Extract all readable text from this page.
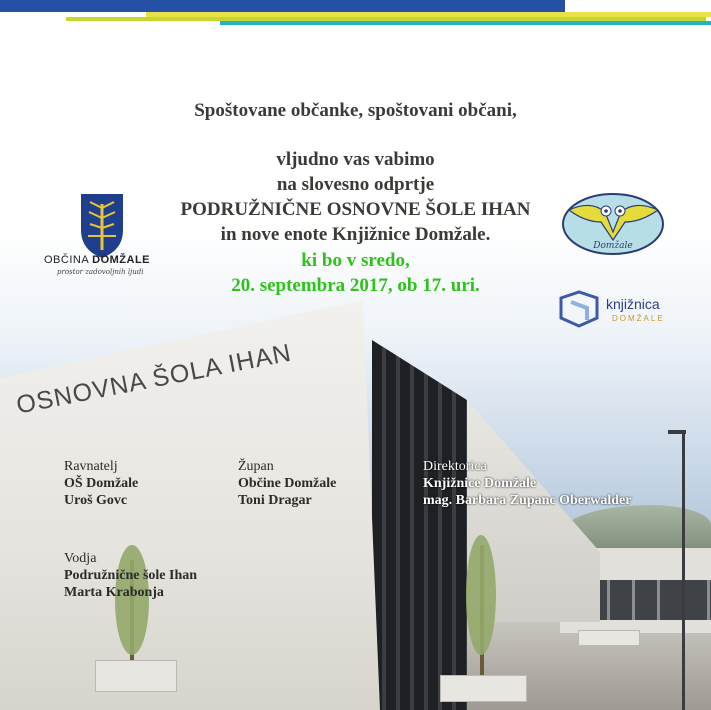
OSNOVNA ŠOLA IHAN
Spoštovane občanke, spoštovani občani,
vljudno vas vabimo
na slovesno odprtje
PODRUŽNIČNE OSNOVNE ŠOLE IHAN
in nove enote Knjižnice Domžale.
ki bo v sredo,
20. septembra 2017, ob 17. uri.
Ravnatelj
OŠ Domžale
Uroš Govc
Župan
Občine Domžale
Toni Dragar
Direktorica
Knjižnice Domžale
mag. Barbara Zupanc Oberwalder
Vodja
Podružnične šole Ihan
Marta Krabonja
OBČINA DOMŽALE
prostor zadovoljnih ljudi
Domžale
knjižnica
DOMŽALE
